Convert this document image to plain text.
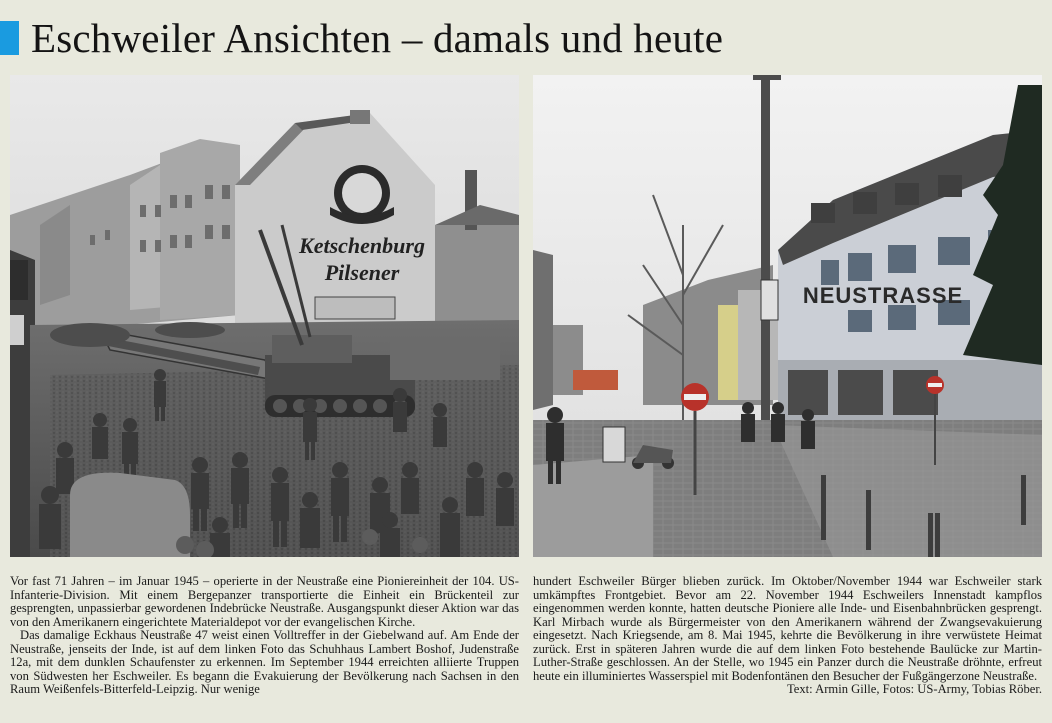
Eschweiler Ansichten – damals und heute
Ketschenburg
Pilsener
NEUSTRASSE

Vor fast 71 Jahren – im Januar 1945 – operierte in der Neustraße eine Pioniereinheit der 104. US-Infanterie-Division. Mit einem Bergepanzer transportierte die Einheit ein Brückenteil zur gesprengten, unpassierbar gewordenen Indebrücke Neustraße. Ausgangspunkt dieser Aktion war das von den Amerikanern eingerichtete Materialdepot vor der evangelischen Kirche.

Das damalige Eckhaus Neustraße 47 weist einen Volltreffer in der Giebelwand auf. Am Ende der Neustraße, jenseits der Inde, ist auf dem linken Foto das Schuhhaus Lambert Boshof, Judenstraße 12a, mit dem dunklen Schaufenster zu erkennen. Im September 1944 erreichten alliierte Truppen von Südwesten her Eschweiler. Es begann die Evakuierung der Bevölkerung nach Sachsen in den Raum Weißenfels-Bitterfeld-Leipzig. Nur wenige

hundert Eschweiler Bürger blieben zurück. Im Oktober/November 1944 war Eschweiler stark umkämpftes Frontgebiet. Bevor am 22. November 1944 Eschweilers Innenstadt kampflos eingenommen werden konnte, hatten deutsche Pioniere alle Inde- und Eisenbahnbrücken gesprengt. Karl Mirbach wurde als Bürgermeister von den Amerikanern während der Zwangsevakuierung eingesetzt. Nach Kriegsende, am 8. Mai 1945, kehrte die Bevölkerung in ihre verwüstete Heimat zurück. Erst in späteren Jahren wurde die auf dem linken Foto bestehende Baulücke zur Martin-Luther-Straße geschlossen. An der Stelle, wo 1945 ein Panzer durch die Neustraße dröhnte, erfreut heute ein illuminiertes Wasserspiel mit Bodenfontänen den Besucher der Fußgängerzone Neustraße.

Text: Armin Gille, Fotos: US-Army, Tobias Röber.
